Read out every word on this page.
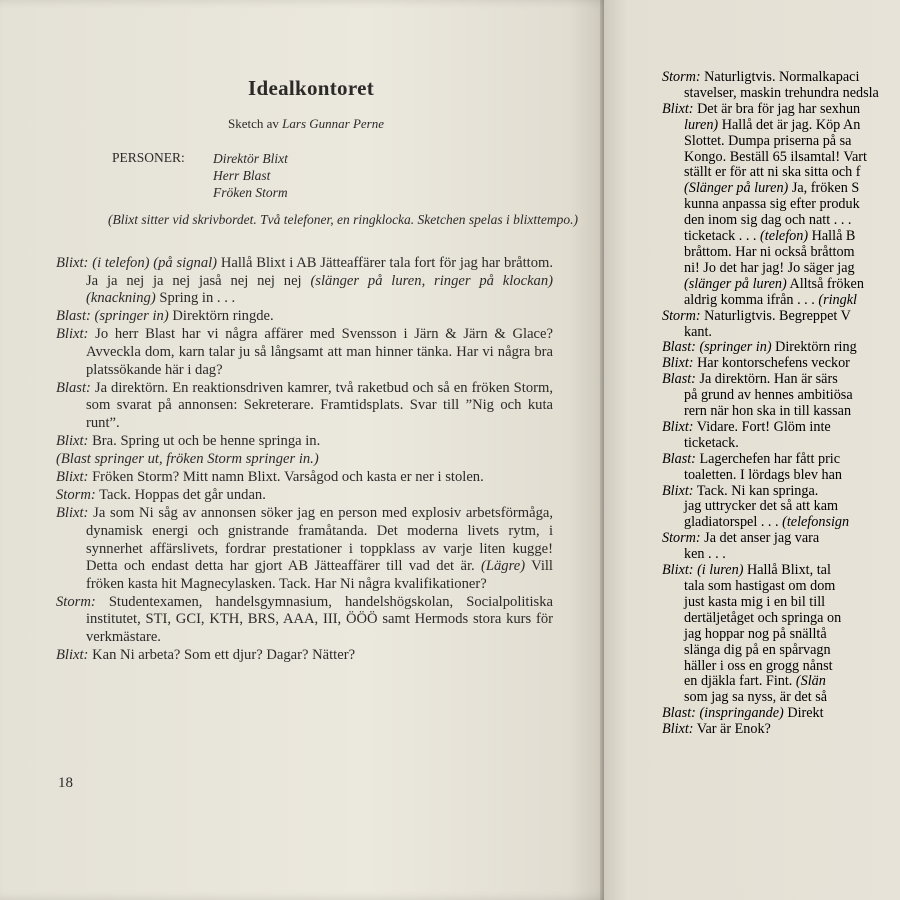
Idealkontoret
Sketch av Lars Gunnar Perne
PERSONER: Direktör Blixt
Herr Blast
Fröken Storm
(Blixt sitter vid skrivbordet. Två telefoner, en ringklocka. Sketchen spelas i blixttempo.)

Blixt: (i telefon) (på signal) Hallå Blixt i AB Jätteaffärer tala fort för jag har bråttom. Ja ja nej ja nej jaså nej nej nej (slänger på luren, ringer på klockan) (knackning) Spring in . . .

Blast: (springer in) Direktörn ringde.

Blixt: Jo herr Blast har vi några affärer med Svensson i Järn & Järn & Glace? Avveckla dom, karn talar ju så långsamt att man hinner tänka. Har vi några bra platssökande här i dag?

Blast: Ja direktörn. En reaktionsdriven kamrer, två raketbud och så en fröken Storm, som svarat på annonsen: Sekreterare. Framtidsplats. Svar till ”Nig och kuta runt”.

Blixt: Bra. Spring ut och be henne springa in.

(Blast springer ut, fröken Storm springer in.)

Blixt: Fröken Storm? Mitt namn Blixt. Varsågod och kasta er ner i stolen.

Storm: Tack. Hoppas det går undan.

Blixt: Ja som Ni såg av annonsen söker jag en person med explosiv arbetsförmåga, dynamisk energi och gnistrande framåtanda. Det moderna livets rytm, i synnerhet affärslivets, fordrar prestationer i toppklass av varje liten kugge! Detta och endast detta har gjort AB Jätteaffärer till vad det är. (Lägre) Vill fröken kasta hit Magnecylasken. Tack. Har Ni några kvalifikationer?

Storm: Studentexamen, handelsgymnasium, handelshögskolan, Socialpolitiska institutet, STI, GCI, KTH, BRS, AAA, III, ÖÖÖ samt Hermods stora kurs för verkmästare.

Blixt: Kan Ni arbeta? Som ett djur? Dagar? Nätter?

18
Storm: Naturligtvis. Normalkapaci
stavelser, maskin trehundra nedsla
Blixt: Det är bra för jag har sexhun
luren) Hallå det är jag. Köp An
Slottet. Dumpa priserna på sa
Kongo. Beställ 65 ilsamtal! Vart
ställt er för att ni ska sitta och f
(Slänger på luren) Ja, fröken S
kunna anpassa sig efter produk
den inom sig dag och natt . . .
ticketack . . . (telefon) Hallå B
bråttom. Har ni också bråttom
ni! Jo det har jag! Jo säger jag
(slänger på luren) Alltså fröken
aldrig komma ifrån . . . (ringkl
Storm: Naturligtvis. Begreppet V
kant.
Blast: (springer in) Direktörn ring
Blixt: Har kontorschefens veckor
Blast: Ja direktörn. Han är särs
på grund av hennes ambitiösa
rern när hon ska in till kassan
Blixt: Vidare. Fort! Glöm inte
ticketack.
Blast: Lagerchefen har fått pric
toaletten. I lördags blev han
Blixt: Tack. Ni kan springa.
jag uttrycker det så att kam
gladiatorspel . . . (telefonsign
Storm: Ja det anser jag vara
ken . . .
Blixt: (i luren) Hallå Blixt, tal
tala som hastigast om dom
just kasta mig i en bil till
dertäljetåget och springa on
jag hoppar nog på snälltå
slänga dig på en spårvagn
häller i oss en grogg nånst
en djäkla fart. Fint. (Slän
som jag sa nyss, är det så
Blast: (inspringande) Direkt
Blixt: Var är Enok?
